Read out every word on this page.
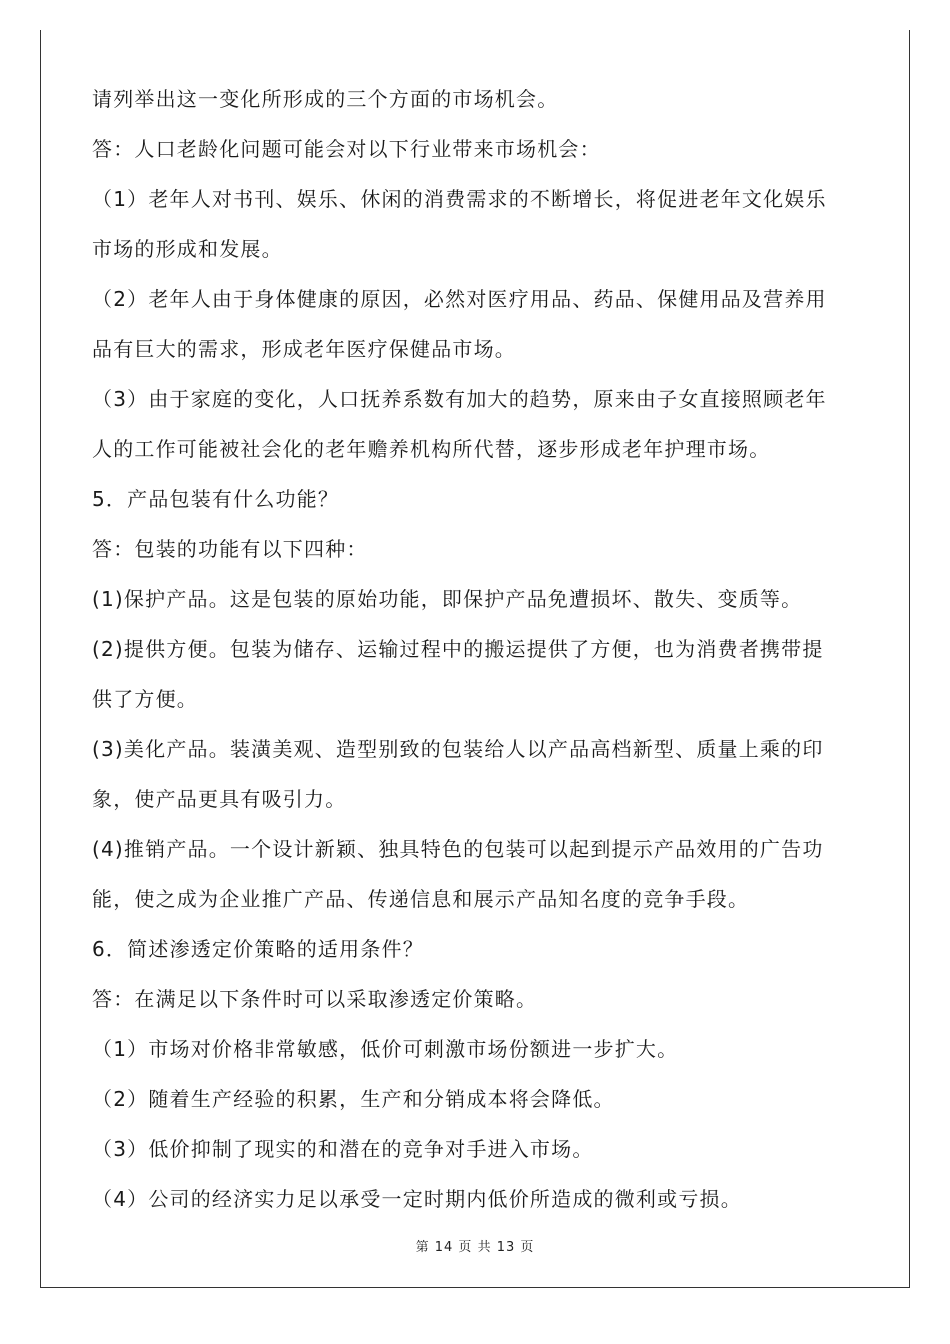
请列举出这一变化所形成的三个方面的市场机会。
答：人口老龄化问题可能会对以下行业带来市场机会：
（1）老年人对书刊、娱乐、休闲的消费需求的不断增长，将促进老年文化娱乐
市场的形成和发展。
（2）老年人由于身体健康的原因，必然对医疗用品、药品、保健用品及营养用
品有巨大的需求，形成老年医疗保健品市场。
（3）由于家庭的变化，人口抚养系数有加大的趋势，原来由子女直接照顾老年
人的工作可能被社会化的老年赡养机构所代替，逐步形成老年护理市场。
5．产品包装有什么功能？
答：包装的功能有以下四种：
(1)保护产品。这是包装的原始功能，即保护产品免遭损坏、散失、变质等。
(2)提供方便。包装为储存、运输过程中的搬运提供了方便，也为消费者携带提
供了方便。
(3)美化产品。装潢美观、造型别致的包装给人以产品高档新型、质量上乘的印
象，使产品更具有吸引力。
(4)推销产品。一个设计新颖、独具特色的包装可以起到提示产品效用的广告功
能，使之成为企业推广产品、传递信息和展示产品知名度的竞争手段。
6．简述渗透定价策略的适用条件？
答：在满足以下条件时可以采取渗透定价策略。
（1）市场对价格非常敏感，低价可刺激市场份额进一步扩大。
（2）随着生产经验的积累，生产和分销成本将会降低。
（3）低价抑制了现实的和潜在的竞争对手进入市场。
（4）公司的经济实力足以承受一定时期内低价所造成的微利或亏损。
第 14 页 共 13 页
